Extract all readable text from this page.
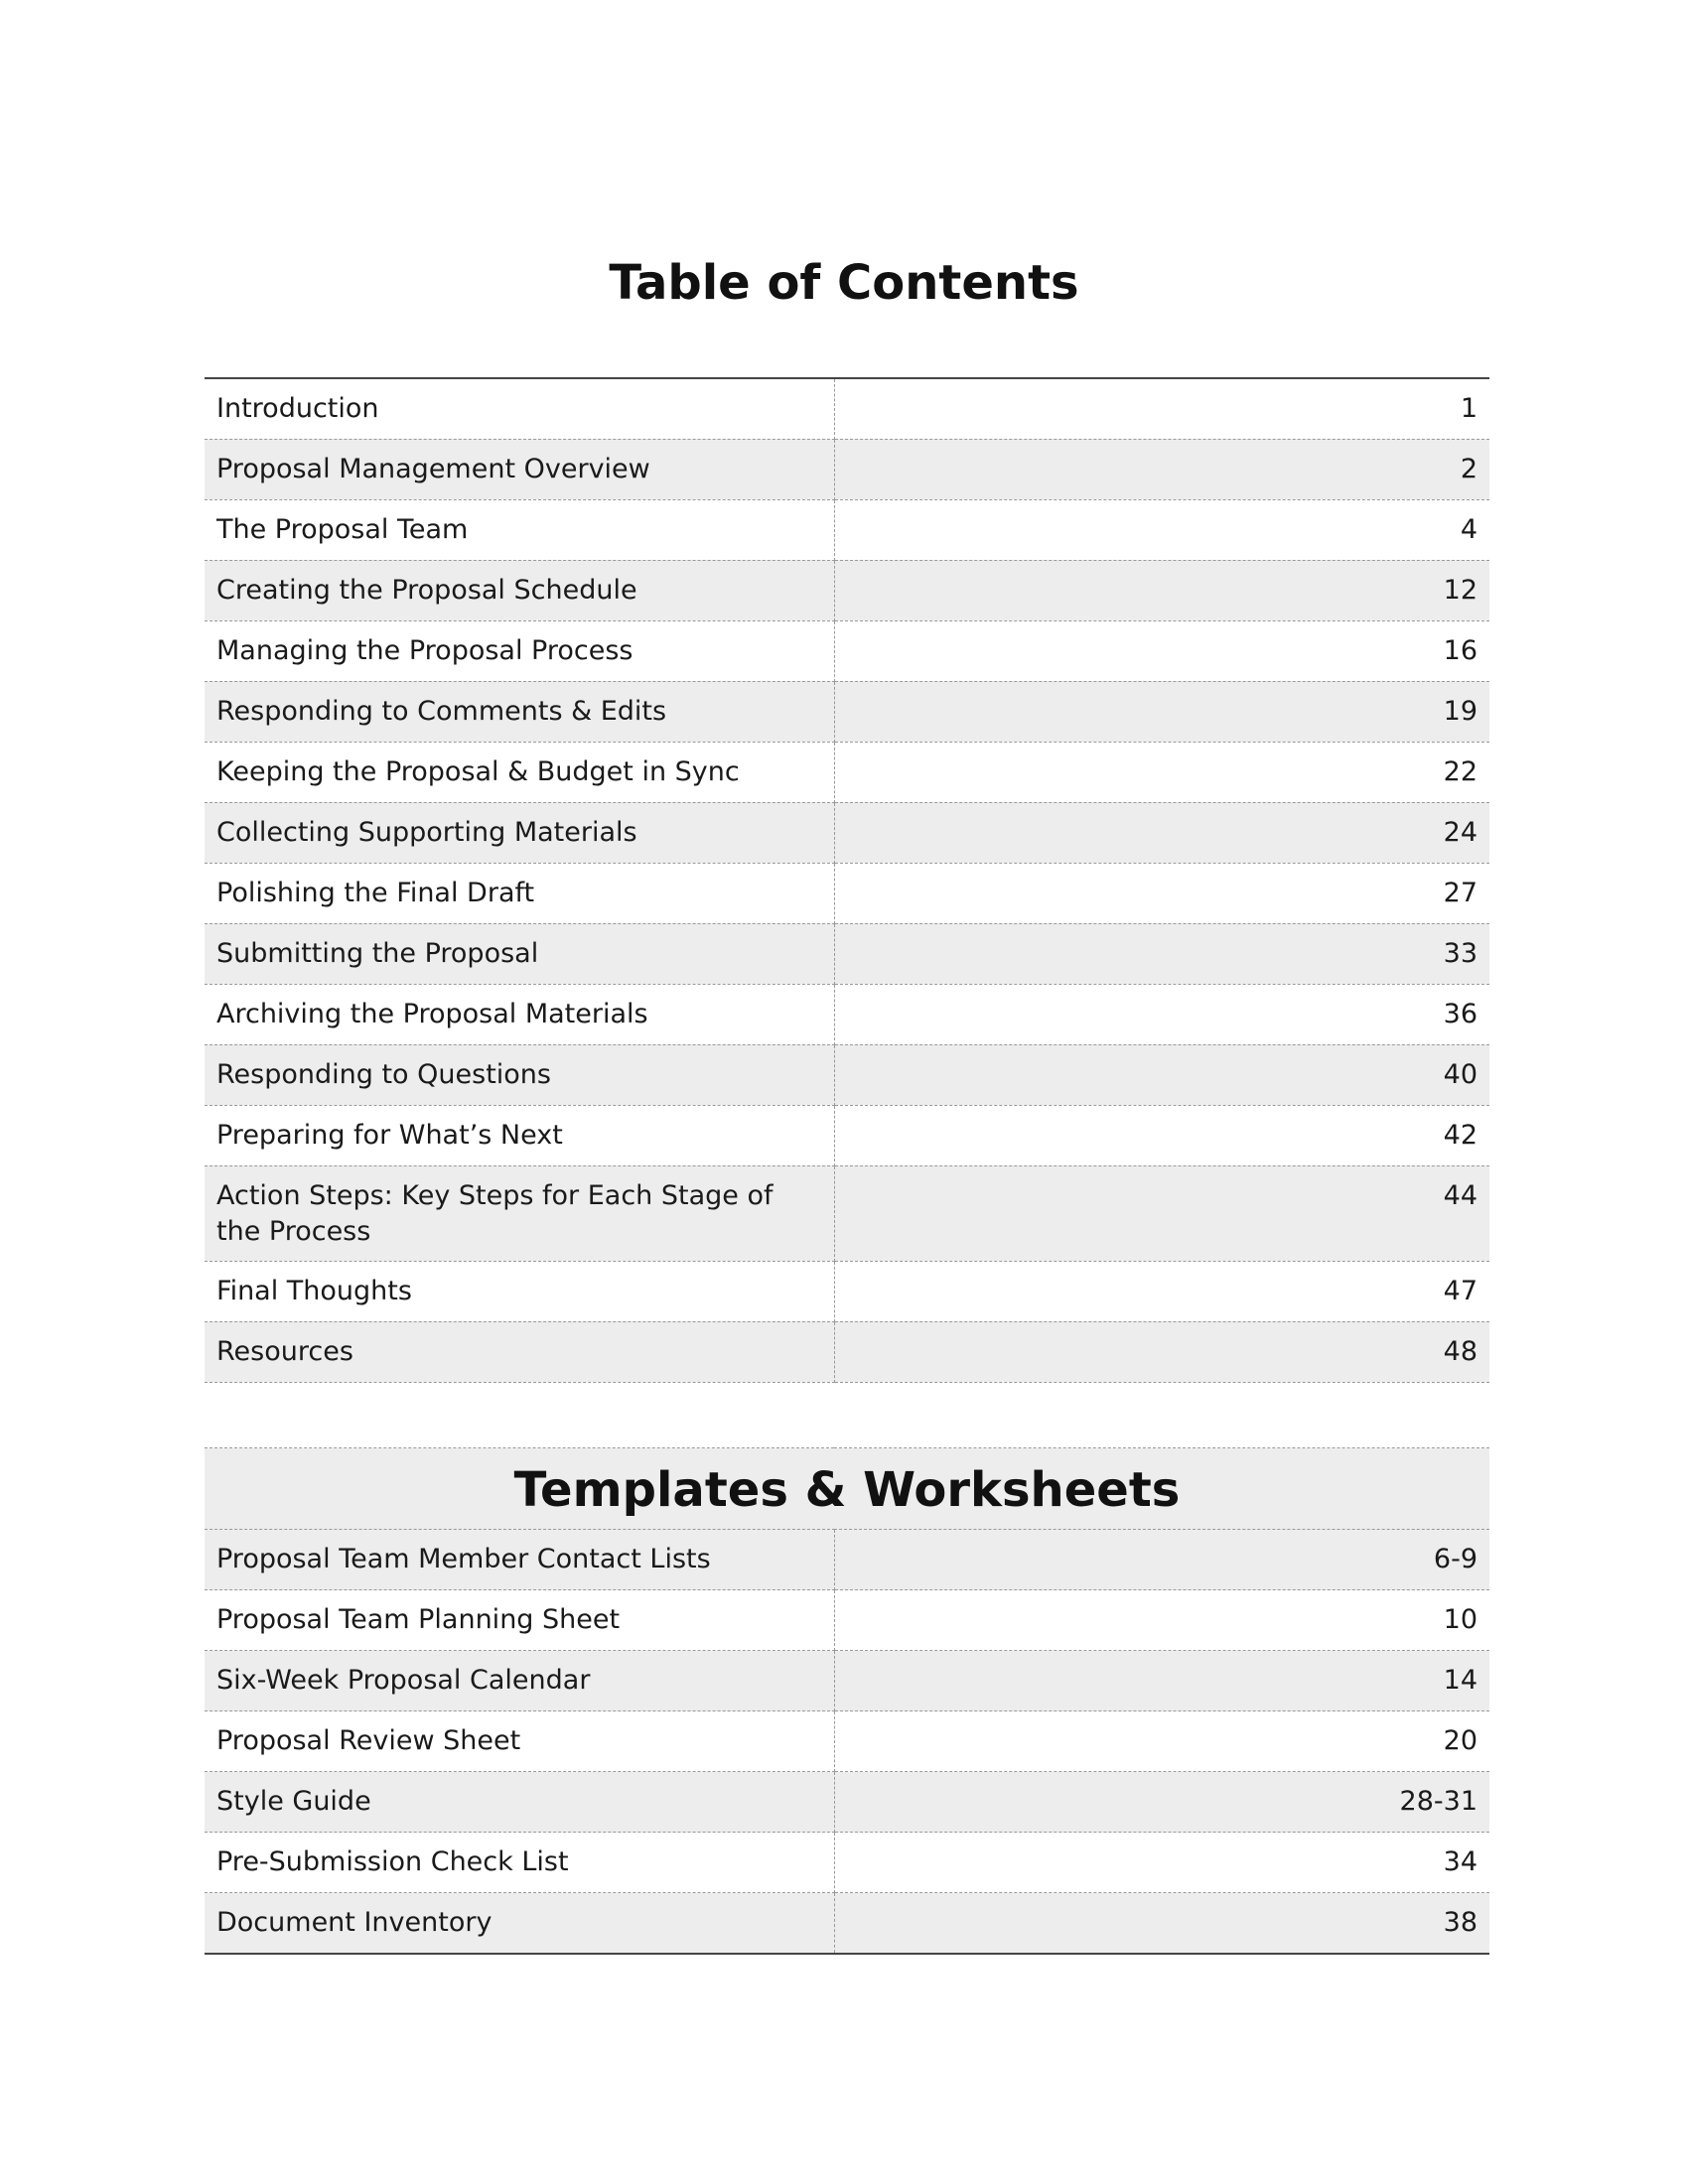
Table of Contents
Introduction	1
Proposal Management Overview	2
The Proposal Team	4
Creating the Proposal Schedule	12
Managing the Proposal Process	16
Responding to Comments & Edits	19
Keeping the Proposal & Budget in Sync	22
Collecting Supporting Materials	24
Polishing the Final Draft	27
Submitting the Proposal	33
Archiving the Proposal Materials	36
Responding to Questions	40
Preparing for What’s Next	42
Action Steps: Key Steps for Each Stage of the Process	44
Final Thoughts	47
Resources	48
Templates & Worksheets	
Proposal Team Member Contact Lists	6-9
Proposal Team Planning Sheet	10
Six-Week Proposal Calendar	14
Proposal Review Sheet	20
Style Guide	28-31
Pre-Submission Check List	34
Document Inventory	38
